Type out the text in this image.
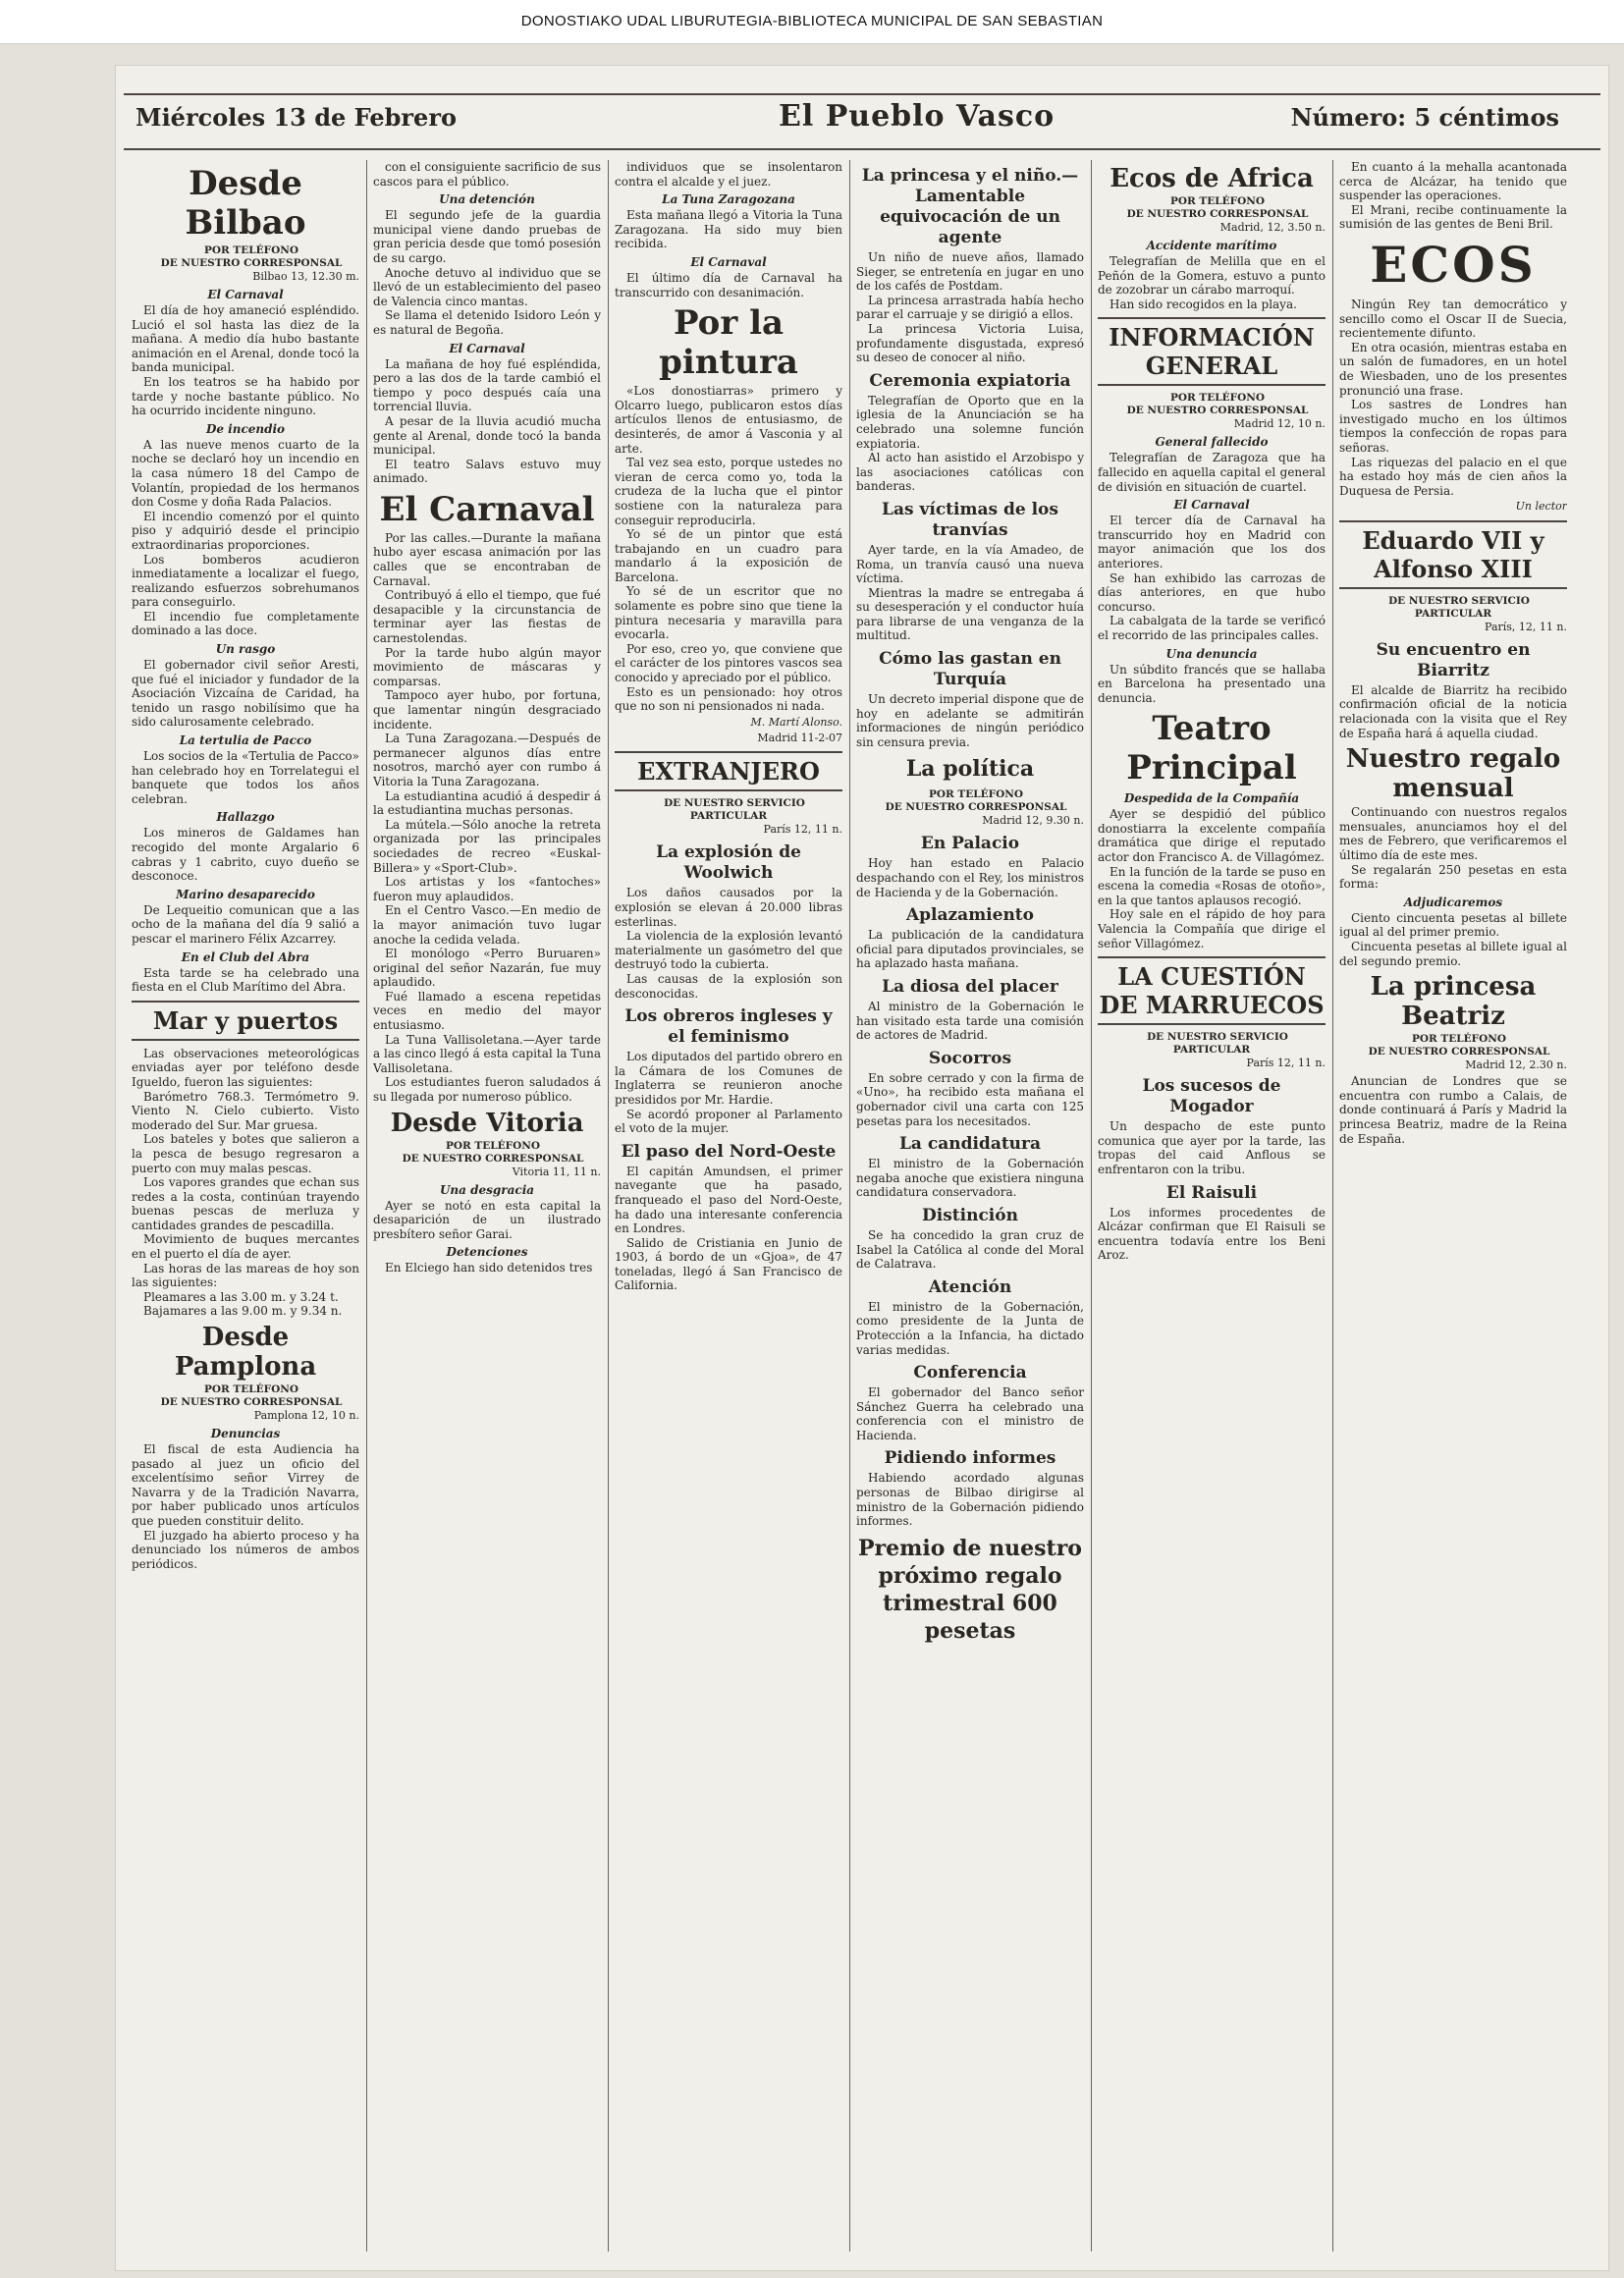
DONOSTIAKO UDAL LIBURUTEGIA-BIBLIOTECA MUNICIPAL DE SAN SEBASTIAN
Miércoles 13 de Febrero	El Pueblo Vasco	Número: 5 céntimos
Desde Bilbao

POR TELÉFONO

DE NUESTRO CORRESPONSAL

Bilbao 13, 12.30 m.

El Carnaval

El día de hoy amaneció espléndido. Lució el sol hasta las diez de la mañana. A medio día hubo bastante animación en el Arenal, donde tocó la banda municipal.

En los teatros se ha habido por tarde y noche bastante público. No ha ocurrido incidente ninguno.

De incendio

A las nueve menos cuarto de la noche se declaró hoy un incendio en la casa número 18 del Campo de Volantín, propiedad de los hermanos don Cosme y doña Rada Palacios.

El incendio comenzó por el quinto piso y adquirió desde el principio extraordinarias proporciones.

Los bomberos acudieron inmediatamente a localizar el fuego, realizando esfuerzos sobrehumanos para conseguirlo.

El incendio fue completamente dominado a las doce.

Un rasgo

El gobernador civil señor Aresti, que fué el iniciador y fundador de la Asociación Vizcaína de Caridad, ha tenido un rasgo nobilísimo que ha sido calurosamente celebrado.

La tertulia de Pacco

Los socios de la «Tertulia de Pacco» han celebrado hoy en Torrelategui el banquete que todos los años celebran.

Hallazgo

Los mineros de Galdames han recogido del monte Argalario 6 cabras y 1 cabrito, cuyo dueño se desconoce.

Marino desaparecido

De Lequeitio comunican que a las ocho de la mañana del día 9 salió a pescar el marinero Félix Azcarrey.

En el Club del Abra

Esta tarde se ha celebrado una fiesta en el Club Marítimo del Abra.

Mar y puertos

Las observaciones meteorológicas enviadas ayer por teléfono desde Igueldo, fueron las siguientes:

Barómetro 768.3. Termómetro 9. Viento N. Cielo cubierto. Visto moderado del Sur. Mar gruesa.

Los bateles y botes que salieron a la pesca de besugo regresaron a puerto con muy malas pescas.

Los vapores grandes que echan sus redes a la costa, continúan trayendo buenas pescas de merluza y cantidades grandes de pescadilla.

Movimiento de buques mercantes en el puerto el día de ayer.

Las horas de las mareas de hoy son las siguientes:

Pleamares a las 3.00 m. y 3.24 t.

Bajamares a las 9.00 m. y 9.34 n.

Desde Pamplona

POR TELÉFONO

DE NUESTRO CORRESPONSAL

Pamplona 12, 10 n.

Denuncias

El fiscal de esta Audiencia ha pasado al juez un oficio del excelentísimo señor Virrey de Navarra y de la Tradición Navarra, por haber publicado unos artículos que pueden constituir delito.

El juzgado ha abierto proceso y ha denunciado los números de ambos periódicos.

con el consiguiente sacrificio de sus cascos para el público.

Una detención

El segundo jefe de la guardia municipal viene dando pruebas de gran pericia desde que tomó posesión de su cargo.

Anoche detuvo al individuo que se llevó de un establecimiento del paseo de Valencia cinco mantas.

Se llama el detenido Isidoro León y es natural de Begoña.

El Carnaval

La mañana de hoy fué espléndida, pero a las dos de la tarde cambió el tiempo y poco después caía una torrencial lluvia.

A pesar de la lluvia acudió mucha gente al Arenal, donde tocó la banda municipal.

El teatro Salavs estuvo muy animado.

El Carnaval

Por las calles.—Durante la mañana hubo ayer escasa animación por las calles que se encontraban de Carnaval.

Contribuyó á ello el tiempo, que fué desapacible y la circunstancia de terminar ayer las fiestas de carnestolendas.

Por la tarde hubo algún mayor movimiento de máscaras y comparsas.

Tampoco ayer hubo, por fortuna, que lamentar ningún desgraciado incidente.

La Tuna Zaragozana.—Después de permanecer algunos días entre nosotros, marchó ayer con rumbo á Vitoria la Tuna Zaragozana.

La estudiantina acudió á despedir á la estudiantina muchas personas.

La mútela.—Sólo anoche la retreta organizada por las principales sociedades de recreo «Euskal-Billera» y «Sport-Club».

Los artistas y los «fantoches» fueron muy aplaudidos.

En el Centro Vasco.—En medio de la mayor animación tuvo lugar anoche la cedida velada.

El monólogo «Perro Buruaren» original del señor Nazarán, fue muy aplaudido.

Fué llamado a escena repetidas veces en medio del mayor entusiasmo.

La Tuna Vallisoletana.—Ayer tarde a las cinco llegó á esta capital la Tuna Vallisoletana.

Los estudiantes fueron saludados á su llegada por numeroso público.

Desde Vitoria

POR TELÉFONO

DE NUESTRO CORRESPONSAL

Vitoria 11, 11 n.

Una desgracia

Ayer se notó en esta capital la desaparición de un ilustrado presbítero señor Garai.

Detenciones

En Elciego han sido detenidos tres

individuos que se insolentaron contra el alcalde y el juez.

La Tuna Zaragozana

Esta mañana llegó a Vitoria la Tuna Zaragozana. Ha sido muy bien recibida.

El Carnaval

El último día de Carnaval ha transcurrido con desanimación.

Por la pintura

«Los donostiarras» primero y Olcarro luego, publicaron estos días artículos llenos de entusiasmo, de desinterés, de amor á Vasconia y al arte.

Tal vez sea esto, porque ustedes no vieran de cerca como yo, toda la crudeza de la lucha que el pintor sostiene con la naturaleza para conseguir reproducirla.

Yo sé de un pintor que está trabajando en un cuadro para mandarlo á la exposición de Barcelona.

Yo sé de un escritor que no solamente es pobre sino que tiene la pintura necesaria y maravilla para evocarla.

Por eso, creo yo, que conviene que el carácter de los pintores vascos sea conocido y apreciado por el público.

Esto es un pensionado: hoy otros que no son ni pensionados ni nada.

M. Martí Alonso.

Madrid 11-2-07

EXTRANJERO

DE NUESTRO SERVICIO PARTICULAR

París 12, 11 n.

La explosión de Woolwich

Los daños causados por la explosión se elevan á 20.000 libras esterlinas.

La violencia de la explosión levantó materialmente un gasómetro del que destruyó todo la cubierta.

Las causas de la explosión son desconocidas.

Los obreros ingleses y el feminismo

Los diputados del partido obrero en la Cámara de los Comunes de Inglaterra se reunieron anoche presididos por Mr. Hardie.

Se acordó proponer al Parlamento el voto de la mujer.

El paso del Nord-Oeste

El capitán Amundsen, el primer navegante que ha pasado, franqueado el paso del Nord-Oeste, ha dado una interesante conferencia en Londres.

Salido de Cristiania en Junio de 1903, á bordo de un «Gjoa», de 47 toneladas, llegó á San Francisco de California.

La princesa y el niño.—Lamentable equivocación de un agente

Un niño de nueve años, llamado Sieger, se entretenía en jugar en uno de los cafés de Postdam.

La princesa arrastrada había hecho parar el carruaje y se dirigió a ellos.

La princesa Victoria Luisa, profundamente disgustada, expresó su deseo de conocer al niño.

Ceremonia expiatoria

Telegrafían de Oporto que en la iglesia de la Anunciación se ha celebrado una solemne función expiatoria.

Al acto han asistido el Arzobispo y las asociaciones católicas con banderas.

Las víctimas de los tranvías

Ayer tarde, en la vía Amadeo, de Roma, un tranvía causó una nueva víctima.

Mientras la madre se entregaba á su desesperación y el conductor huía para librarse de una venganza de la multitud.

Cómo las gastan en Turquía

Un decreto imperial dispone que de hoy en adelante se admitirán informaciones de ningún periódico sin censura previa.

La política

POR TELÉFONO

DE NUESTRO CORRESPONSAL

Madrid 12, 9.30 n.

En Palacio

Hoy han estado en Palacio despachando con el Rey, los ministros de Hacienda y de la Gobernación.

Aplazamiento

La publicación de la candidatura oficial para diputados provinciales, se ha aplazado hasta mañana.

La diosa del placer

Al ministro de la Gobernación le han visitado esta tarde una comisión de actores de Madrid.

Socorros

En sobre cerrado y con la firma de «Uno», ha recibido esta mañana el gobernador civil una carta con 125 pesetas para los necesitados.

La candidatura

El ministro de la Gobernación negaba anoche que existiera ninguna candidatura conservadora.

Distinción

Se ha concedido la gran cruz de Isabel la Católica al conde del Moral de Calatrava.

Atención

El ministro de la Gobernación, como presidente de la Junta de Protección a la Infancia, ha dictado varias medidas.

Conferencia

El gobernador del Banco señor Sánchez Guerra ha celebrado una conferencia con el ministro de Hacienda.

Pidiendo informes

Habiendo acordado algunas personas de Bilbao dirigirse al ministro de la Gobernación pidiendo informes.

Premio de nuestro próximo regalo trimestral 600 pesetas
Ecos de Africa

POR TELÉFONO

DE NUESTRO CORRESPONSAL

Madrid, 12, 3.50 n.

Accidente marítimo

Telegrafían de Melilla que en el Peñón de la Gomera, estuvo a punto de zozobrar un cárabo marroquí.

Han sido recogidos en la playa.

INFORMACIÓN GENERAL

POR TELÉFONO

DE NUESTRO CORRESPONSAL

Madrid 12, 10 n.

General fallecido

Telegrafían de Zaragoza que ha fallecido en aquella capital el general de división en situación de cuartel.

El Carnaval

El tercer día de Carnaval ha transcurrido hoy en Madrid con mayor animación que los dos anteriores.

Se han exhibido las carrozas de días anteriores, en que hubo concurso.

La cabalgata de la tarde se verificó el recorrido de las principales calles.

Una denuncia

Un súbdito francés que se hallaba en Barcelona ha presentado una denuncia.

Teatro Principal
Despedida de la Compañía

Ayer se despidió del público donostiarra la excelente compañía dramática que dirige el reputado actor don Francisco A. de Villagómez.

En la función de la tarde se puso en escena la comedia «Rosas de otoño», en la que tantos aplausos recogió.

Hoy sale en el rápido de hoy para Valencia la Compañía que dirige el señor Villagómez.

LA CUESTIÓN DE MARRUECOS

DE NUESTRO SERVICIO PARTICULAR

París 12, 11 n.

Los sucesos de Mogador

Un despacho de este punto comunica que ayer por la tarde, las tropas del caid Anflous se enfrentaron con la tribu.

El Raisuli

Los informes procedentes de Alcázar confirman que El Raisuli se encuentra todavía entre los Beni Aroz.

En cuanto á la mehalla acantonada cerca de Alcázar, ha tenido que suspender las operaciones.

El Mrani, recibe continuamente la sumisión de las gentes de Beni Bril.

ECOS

Ningún Rey tan democrático y sencillo como el Oscar II de Suecia, recientemente difunto.

En otra ocasión, mientras estaba en un salón de fumadores, en un hotel de Wiesbaden, uno de los presentes pronunció una frase.

Los sastres de Londres han investigado mucho en los últimos tiempos la confección de ropas para señoras.

Las riquezas del palacio en el que ha estado hoy más de cien años la Duquesa de Persia.

Un lector

Eduardo VII y Alfonso XIII

DE NUESTRO SERVICIO PARTICULAR

París, 12, 11 n.

Su encuentro en Biarritz

El alcalde de Biarritz ha recibido confirmación oficial de la noticia relacionada con la visita que el Rey de España hará á aquella ciudad.

Nuestro regalo mensual

Continuando con nuestros regalos mensuales, anunciamos hoy el del mes de Febrero, que verificaremos el último día de este mes.

Se regalarán 250 pesetas en esta forma:

Adjudicaremos

Ciento cincuenta pesetas al billete igual al del primer premio.

Cincuenta pesetas al billete igual al del segundo premio.

La princesa Beatriz

POR TELÉFONO

DE NUESTRO CORRESPONSAL

Madrid 12, 2.30 n.

Anuncian de Londres que se encuentra con rumbo a Calais, de donde continuará á París y Madrid la princesa Beatriz, madre de la Reina de España.
